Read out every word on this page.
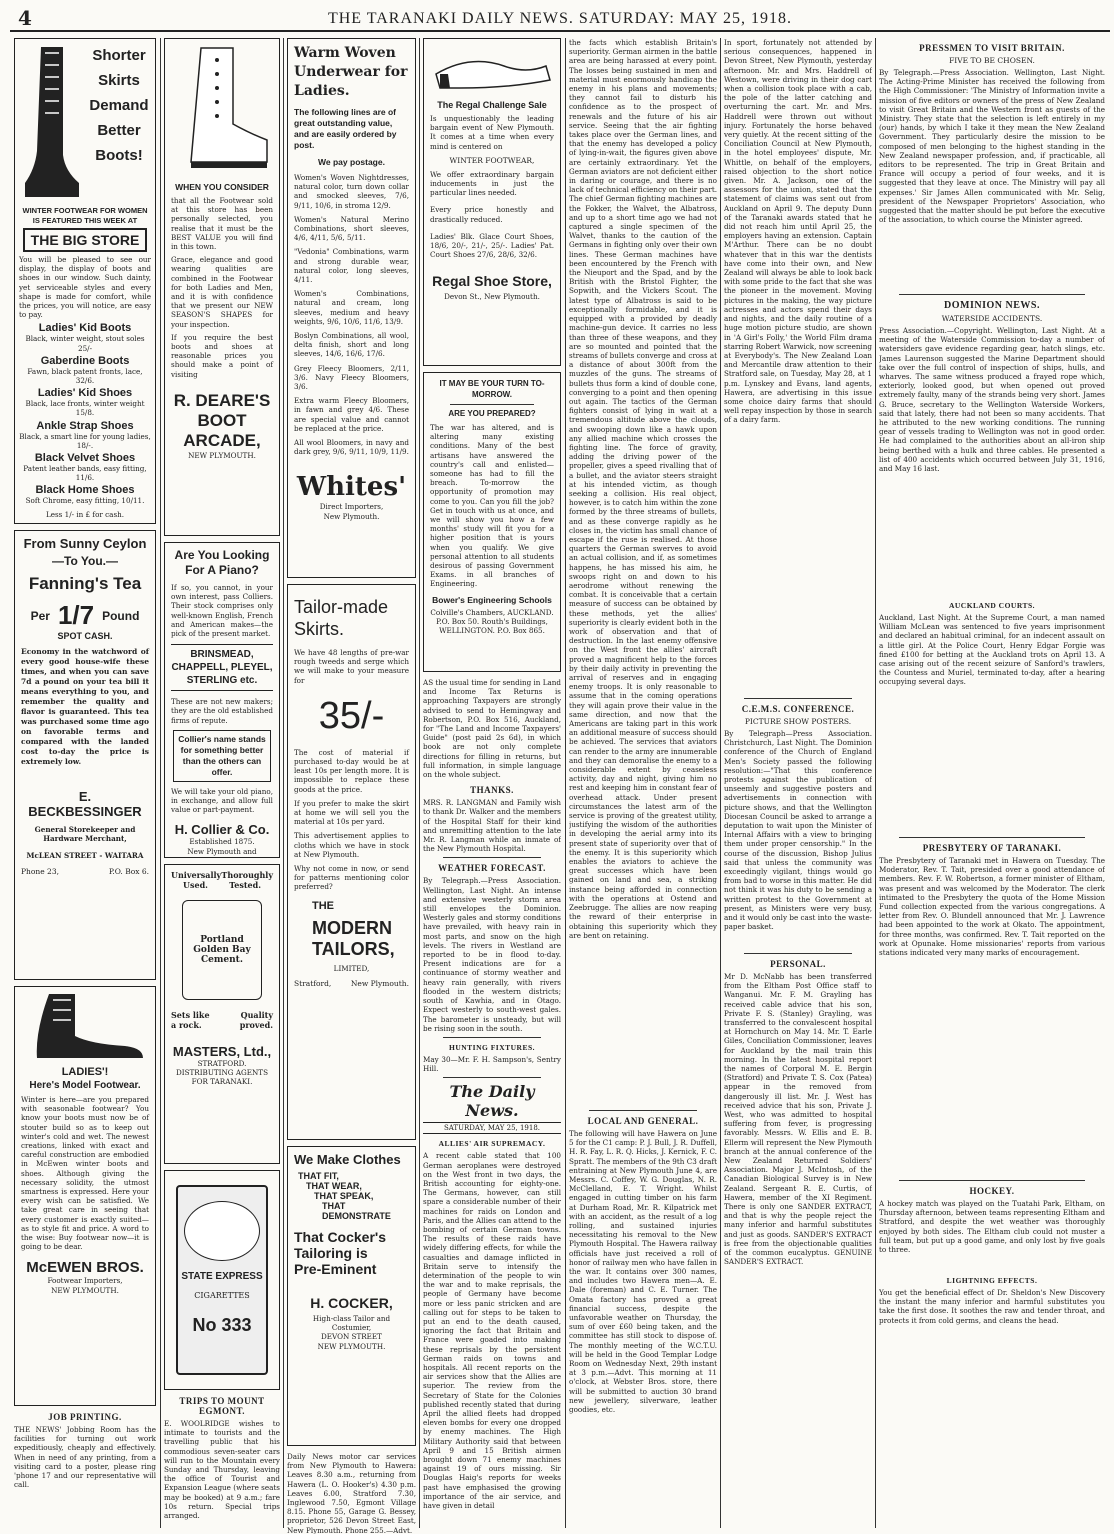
4	THE TARANAKI DAILY NEWS. SATURDAY: MAY 25, 1918.
Shorter
Skirts
Demand
Better
Boots!
WINTER FOOTWEAR FOR WOMEN IS FEATURED THIS WEEK AT
THE BIG STORE
You will be pleased to see our display, the display of boots and shoes in our window. Such dainty, yet serviceable styles and every shape is made for comfort, while the prices, you will notice, are easy to pay.
Ladies' Kid Boots
Black, winter weight, stout soles 25/-
Gaberdine Boots
Fawn, black patent fronts, lace, 32/6.
Ladies' Kid Shoes
Black, lace fronts, winter weight 15/8.
Ankle Strap Shoes
Black, a smart line for young ladies, 18/-.
Black Velvet Shoes
Patent leather bands, easy fitting, 11/6.
Black Home Shoes
Soft Chrome, easy fitting, 10/11.
Less 1/- in £ for cash.
From Sunny Ceylon
—To You.—
Fanning's Tea
Per 1/7 Pound
SPOT CASH.
Economy in the watchword of every good house-wife these times, and when you can save 7d a pound on your tea bill it means everything to you, and remember the quality and flavor is guaranteed. This tea was purchased some time ago on favorable terms and compared with the landed cost to-day the price is extremely low.
E. BECKBESSINGER
General Storekeeper and Hardware Merchant,
McLEAN STREET - WAITARA
Phone 23,	P.O. Box 6.
LADIES'!
Here's Model Footwear.
Winter is here—are you prepared with seasonable footwear? You know your boots must now be of stouter build so as to keep out winter's cold and wet. The newest creations, linked with exact and careful construction are embodied in McEwen winter boots and shoes. Although giving the necessary solidity, the utmost smartness is expressed. Here your every wish can be satisfied. We take great care in seeing that every customer is exactly suited—as to style fit and price. A word to the wise: Buy footwear now—it is going to be dear.
McEWEN BROS.
Footwear Importers,
NEW PLYMOUTH.
JOB PRINTING.
THE NEWS' Jobbing Room has the facilities for turning out work expeditiously, cheaply and effectively. When in need of any printing, from a visiting card to a poster, please ring 'phone 17 and our representative will call.
WHEN YOU CONSIDER
that all the Footwear sold at this store has been personally selected, you realise that it must be the BEST VALUE you will find in this town.
Grace, elegance and good wearing qualities are combined in the Footwear for both Ladies and Men, and it is with confidence that we present our NEW SEASON'S SHAPES for your inspection.
If you require the best boots and shoes at reasonable prices you should make a point of visiting
R. DEARE'S
BOOT
ARCADE,
NEW PLYMOUTH.
Are You Looking For A Piano?
If so, you cannot, in your own interest, pass Colliers. Their stock comprises only well-known English, French and American makes—the pick of the present market.
BRINSMEAD, CHAPPELL, PLEYEL, STERLING etc.
These are not new makers; they are the old established firms of repute.
Collier's name stands for something better than the others can offer.
We will take your old piano, in exchange, and allow full value or part-payment.
H. Collier & Co.
Established 1875.
New Plymouth and
Universally Thoroughly
Used.	Tested.
Portland
Golden Bay
Cement.
Sets like	Quality
a rock.	proved.
MASTERS, Ltd.,
STRATFORD.
DISTRIBUTING AGENTS FOR TARANAKI.
STATE EXPRESS
CIGARETTES
No 333
TRIPS TO MOUNT EGMONT.
E. WOOLRIDGE wishes to intimate to tourists and the travelling public that his commodious seven-seater cars will run to the Mountain every Sunday and Thursday, leaving the office of Tourist and Expansion League (where seats may be booked) at 9 a.m.; fare 10s return. Special trips arranged.
Warm Woven Underwear for Ladies.
The following lines are of great outstanding value, and are easily ordered by post.
We pay postage.
Women's Woven Nightdresses, natural color, turn down collar and smocked sleeves, 7/6, 9/11, 10/6, in stroma 12/9.
Women's Natural Merino Combinations, short sleeves, 4/6, 4/11, 5/6, 5/11.
"Vedonia" Combinations, warm and strong durable wear, natural color, long sleeves, 4/11.
Women's Combinations, natural and cream, long sleeves, medium and heavy weights, 9/6, 10/6, 11/6, 13/9.
Boslyn Combinations, all wool, delta finish, short and long sleeves, 14/6, 16/6, 17/6.
Grey Fleecy Bloomers, 2/11, 3/6. Navy Fleecy Bloomers, 3/6.
Extra warm Fleecy Bloomers, in fawn and grey 4/6. These are special value and cannot be replaced at the price.
All wool Bloomers, in navy and dark grey, 9/6, 9/11, 10/9, 11/9.
Whites'
Direct Importers,
New Plymouth.
Tailor-made Skirts.
We have 48 lengths of pre-war rough tweeds and serge which we will make to your measure for
35/-
The cost of material if purchased to-day would be at least 10s per length more. It is impossible to replace these goods at the price.
If you prefer to make the skirt at home we will sell you the material at 10s per yard.
This advertisement applies to cloths which we have in stock at New Plymouth.
Why not come in now, or send for patterns mentioning color preferred?
THE
MODERN
TAILORS,
LIMITED,
Stratford,	New Plymouth.
We Make Clothes
THAT FIT,
THAT WEAR,
THAT SPEAK,
THAT DEMONSTRATE
That Cocker's
Tailoring is
Pre-Eminent
H. COCKER,
High-class Tailor and Costumier,
DEVON STREET
NEW PLYMOUTH.
Daily News motor car services from New Plymouth to Hawera: Leaves 8.30 a.m., returning from Hawera (L. O. Hooker's) 4.30 p.m. Leaves 6.00, Stratford 7.30, Inglewood 7.50, Egmont Village 8.15. Phone 55, Garage G. Bessey, proprietor, 526 Devon Street East, New Plymouth. Phone 255.—Advt.
The Regal Challenge Sale
Is unquestionably the leading bargain event of New Plymouth. It comes at a time when every mind is centered on
WINTER FOOTWEAR,
We offer extraordinary bargain inducements in just the particular lines needed.
Every price honestly and drastically reduced.
Ladies' Blk. Glace Court Shoes, 18/6, 20/-, 21/-, 25/-. Ladies' Pat. Court Shoes 27/6, 28/6, 32/6.
Regal Shoe Store,
Devon St., New Plymouth.
IT MAY BE YOUR TURN TO-MORROW.
ARE YOU PREPARED?
The war has altered, and is altering many existing conditions. Many of the best artisans have answered the country's call and enlisted—someone has had to fill the breach. To-morrow the opportunity of promotion may come to you. Can you fill the job? Get in touch with us at once, and we will show you how a few months' study will fit you for a higher position that is yours when you qualify. We give personal attention to all students desirous of passing Government Exams. in all branches of Engineering.
Bower's Engineering Schools
Colville's Chambers, AUCKLAND. P.O. Box 50. Routh's Buildings, WELLINGTON. P.O. Box 865.
AS the usual time for sending in Land and Income Tax Returns is approaching Taxpayers are strongly advised to send to Hemingway and Robertson, P.O. Box 516, Auckland, for "The Land and Income Taxpayers' Guide" (post paid 2s 6d), in which book are not only complete directions for filling in returns, but full information, in simple language on the whole subject.
THANKS.
MRS. R. LANGMAN and Family wish to thank Dr. Walker and the members of the Hospital Staff for their kind and unremitting attention to the late Mr. R. Langman while an inmate of the New Plymouth Hospital.
WEATHER FORECAST.
By Telegraph.—Press Association. Wellington, Last Night. An intense and extensive westerly storm area still envelopes the Dominion. Westerly gales and stormy conditions have prevailed, with heavy rain in most parts, and snow on the high levels. The rivers in Westland are reported to be in flood to-day. Present indications are for a continuance of stormy weather and heavy rain generally, with rivers flooded in the western districts; south of Kawhia, and in Otago. Expect westerly to south-west gales. The barometer is unsteady, but will be rising soon in the south.
HUNTING FIXTURES.
May 30—Mr. F. H. Sampson's, Sentry Hill.
The Daily News.
SATURDAY, MAY 25, 1918.
ALLIES' AIR SUPREMACY.
A recent cable stated that 100 German aeroplanes were destroyed on the West front in two days, the British accounting for eighty-one. The Germans, however, can still spare a considerable number of their machines for raids on London and Paris, and the Allies can attend to the bombing of certain German towns. The results of these raids have widely differing effects, for while the casualties and damage inflicted in Britain serve to intensify the determination of the people to win the war and to make reprisals, the people of Germany have become more or less panic stricken and are calling out for steps to be taken to put an end to the death caused, ignoring the fact that Britain and France were goaded into making these reprisals by the persistent German raids on towns and hospitals. All recent reports on the air services show that the Allies are superior. The review from the Secretary of State for the Colonies published recently stated that during April the allied fleets had dropped eleven bombs for every one dropped by enemy machines. The High Military Authority said that between April 9 and 15 British airmen brought down 71 enemy machines against 19 of ours missing. Sir Douglas Haig's reports for weeks past have emphasised the growing importance of the air service, and have given in detail
the facts which establish Britain's superiority. German airmen in the battle area are being harassed at every point. The losses being sustained in men and material must enormously handicap the enemy in his plans and movements; they cannot fail to disturb his confidence as to the prospect of renewals and the future of his air service. Seeing that the air fighting takes place over the German lines, and that the enemy has developed a policy of lying-in-wait, the figures given above are certainly extraordinary. Yet the German aviators are not deficient either in daring or courage, and there is no lack of technical efficiency on their part. The chief German fighting machines are the Fokker, the Walvet, the Albatross, and up to a short time ago we had not captured a single specimen of the Walvet, thanks to the caution of the Germans in fighting only over their own lines. These German machines have been encountered by the French with the Nieuport and the Spad, and by the British with the Bristol Fighter, the Sopwith, and the Vickers Scout. The latest type of Albatross is said to be exceptionally formidable, and it is equipped with a provided by deadly machine-gun device. It carries no less than three of these weapons, and they are so mounted and pointed that the streams of bullets converge and cross at a distance of about 300ft from the muzzles of the guns. The streams of bullets thus form a kind of double cone, converging to a point and then opening out again. The tactics of the German fighters consist of lying in wait at a tremendous altitude above the clouds, and swooping down like a hawk upon any allied machine which crosses the fighting line. The force of gravity, adding the driving power of the propeller, gives a speed rivalling that of a bullet, and the aviator steers straight at his intended victim, as though seeking a collision. His real object, however, is to catch him within the zone formed by the three streams of bullets, and as these converge rapidly as he closes in, the victim has small chance of escape if the ruse is realised. At those quarters the German swerves to avoid an actual collision, and if, as sometimes happens, he has missed his aim, he swoops right on and down to his aerodrome without renewing the combat. It is conceivable that a certain measure of success can be obtained by these methods, yet the allies' superiority is clearly evident both in the work of observation and that of destruction. In the last enemy offensive on the West front the allies' aircraft proved a magnificent help to the forces by their daily activity in preventing the arrival of reserves and in engaging enemy troops. It is only reasonable to assume that in the coming operations they will again prove their value in the same direction, and now that the Americans are taking part in this work an additional measure of success should be achieved. The services that aviators can render to the army are innumerable and they can demoralise the enemy to a considerable extent by ceaseless activity, day and night, giving him no rest and keeping him in constant fear of overhead attack. Under present circumstances the latest arm of the service is proving of the greatest utility, justifying the wisdom of the authorities in developing the aerial army into its present state of superiority over that of the enemy. It is this superiority which enables the aviators to achieve the great successes which have been gained on land and sea, a striking instance being afforded in connection with the operations at Ostend and Zeebrugge. The allies are now reaping the reward of their enterprise in obtaining this superiority which they are bent on retaining.
LOCAL AND GENERAL.
The following will have Hawera on June 5 for the C1 camp: P. J. Bull, J. R. Duffell, H. R. Fay, L. R. Q. Hicks, J. Kernick, F. C. Spratt. The members of the 9th C3 draft entraining at New Plymouth June 4, are Messrs. C. Coffey, W. G. Douglas, N. R. McClelland, E. T. Wright. Whilst engaged in cutting timber on his farm at Durham Road, Mr. R. Kilpatrick met with an accident, as the result of a log rolling, and sustained injuries necessitating his removal to the New Plymouth Hospital. The Hawera railway officials have just received a roll of honor of railway men who have fallen in the war. It contains over 300 names, and includes two Hawera men—A. E. Dale (foreman) and C. E. Turner. The Omata factory has proved a great financial success, despite the unfavorable weather on Thursday, the sum of over £60 being taken, and the committee has still stock to dispose of. The monthly meeting of the W.C.T.U. will be held in the Good Templar Lodge Room on Wednesday Next, 29th instant at 3 p.m.—Advt. This morning at 11 o'clock, at Webster Bros. store, there will be submitted to auction 30 brand new jewellery, silverware, leather goodies, etc.
In sport, fortunately not attended by serious consequences, happened in Devon Street, New Plymouth, yesterday afternoon. Mr. and Mrs. Haddrell of Westown, were driving in their dog cart when a collision took place with a cab, the pole of the latter catching and overturning the cart. Mr. and Mrs. Haddrell were thrown out without injury. Fortunately the horse behaved very quietly. At the recent sitting of the Conciliation Council at New Plymouth, in the hotel employees' dispute, Mr. Whittle, on behalf of the employers, raised objection to the short notice given. Mr. A. Jackson, one of the assessors for the union, stated that the statement of claims was sent out from Auckland on April 9. The deputy Dunn of the Taranaki awards stated that he did not reach him until April 25, the employers having an extension. Captain M'Arthur. There can be no doubt whatever that in this war the dentists have come into their own, and New Zealand will always be able to look back with some pride to the fact that she was the pioneer in the movement. Moving pictures in the making, the way picture actresses and actors spend their days and nights, and the daily routine of a huge motion picture studio, are shown in 'A Girl's Folly,' the World Film drama starring Robert Warwick, now screening at Everybody's. The New Zealand Loan and Mercantile draw attention to their Stratford sale, on Tuesday, May 28, at 1 p.m. Lynskey and Evans, land agents, Hawera, are advertising in this issue some choice dairy farms that should well repay inspection by those in search of a dairy farm.
C.E.M.S. CONFERENCE.
PICTURE SHOW POSTERS.
By Telegraph—Press Association. Christchurch, Last Night. The Dominion conference of the Church of England Men's Society passed the following resolution:—"That this conference protests against the publication of unseemly and suggestive posters and advertisements in connection with picture shows, and that the Wellington Diocesan Council be asked to arrange a deputation to wait upon the Minister of Internal Affairs with a view to bringing them under proper censorship." In the course of the discussion, Bishop Julius said that unless the community was exceedingly vigilant, things would go from bad to worse in this matter. He did not think it was his duty to be sending a written protest to the Government at present, as Ministers were very busy, and it would only be cast into the waste-paper basket.
PERSONAL.
Mr D. McNabb has been transferred from the Eltham Post Office staff to Wanganui. Mr. F. M. Grayling has received cable advice that his son, Private F. S. (Stanley) Grayling, was transferred to the convalescent hospital at Hornchurch on May 14. Mr. T. Earle Giles, Conciliation Commissioner, leaves for Auckland by the mail train this morning. In the latest hospital report the names of Corporal M. E. Bergin (Stratford) and Private T. S. Cox (Patea) appear in the removed from dangerously ill list. Mr. J. West has received advice that his son, Private J. West, who was admitted to hospital suffering from fever, is progressing favorably. Messrs. W. Ellis and E. B. Ellerm will represent the New Plymouth branch at the annual conference of the New Zealand Returned Soldiers' Association. Major J. McIntosh, of the Canadian Biological Survey is in New Zealand. Sergeant R. E. Curtis, of Hawera, member of the XI Regiment. There is only one SANDER EXTRACT, and that is why the people reject the many inferior and harmful substitutes and just as goods. SANDER'S EXTRACT is free from the objectionable qualities of the common eucalyptus. GENUINE SANDER'S EXTRACT.
PRESSMEN TO VISIT BRITAIN.
FIVE TO BE CHOSEN.
By Telegraph.—Press Association. Wellington, Last Night. The Acting-Prime Minister has received the following from the High Commissioner: 'The Ministry of Information invite a mission of five editors or owners of the press of New Zealand to visit Great Britain and the Western front as guests of the Ministry. They state that the selection is left entirely in my (our) hands, by which I take it they mean the New Zealand Government. They particularly desire the mission to be composed of men belonging to the highest standing in the New Zealand newspaper profession, and, if practicable, all editors to be represented. The trip in Great Britain and France will occupy a period of four weeks, and it is suggested that they leave at once. The Ministry will pay all expenses.' Sir James Allen communicated with Mr. Selig, president of the Newspaper Proprietors' Association, who suggested that the matter should be put before the executive of the association, to which course the Minister agreed.
DOMINION NEWS.
WATERSIDE ACCIDENTS.
Press Association.—Copyright. Wellington, Last Night. At a meeting of the Waterside Commission to-day a number of watersiders gave evidence regarding gear, hatch slings, etc. James Laurenson suggested the Marine Department should take over the full control of inspection of ships, hulls, and wharves. The same witness produced a frayed rope which, exteriorly, looked good, but when opened out proved extremely faulty, many of the strands being very short. James G. Bruce, secretary to the Wellington Waterside Workers, said that lately, there had not been so many accidents. That he attributed to the new working conditions. The running gear of vessels trading to Wellington was not in good order. He had complained to the authorities about an all-iron ship being berthed with a hulk and three cables. He presented a list of 400 accidents which occurred between July 31, 1916, and May 16 last.
AUCKLAND COURTS.
Auckland, Last Night. At the Supreme Court, a man named William McLean was sentenced to five years imprisonment and declared an habitual criminal, for an indecent assault on a little girl. At the Police Court, Henry Edgar Forgie was fined £100 for betting at the Auckland trots on April 13. A case arising out of the recent seizure of Sanford's trawlers, the Countess and Muriel, terminated to-day, after a hearing occupying several days.
PRESBYTERY OF TARANAKI.
The Presbytery of Taranaki met in Hawera on Tuesday. The Moderator, Rev. T. Tait, presided over a good attendance of members. Rev. F. W. Robertson, a former minister of Eltham, was present and was welcomed by the Moderator. The clerk intimated to the Presbytery the quota of the Home Mission Fund collection expected from the various congregations. A letter from Rev. O. Blundell announced that Mr. J. Lawrence had been appointed to the work at Okato. The appointment, for three months, was confirmed. Rev. T. Tait reported on the work at Opunake. Home missionaries' reports from various stations indicated very many marks of encouragement.
HOCKEY.
A hockey match was played on the Tuatahi Park, Eltham, on Thursday afternoon, between teams representing Eltham and Stratford, and despite the wet weather was thoroughly enjoyed by both sides. The Eltham club could not muster a full team, but put up a good game, and only lost by five goals to three.
LIGHTNING EFFECTS.
You get the beneficial effect of Dr. Sheldon's New Discovery the instant the many inferior and harmful substitutes you take the first dose. It soothes the raw and tender throat, and protects it from cold germs, and cleans the head.
